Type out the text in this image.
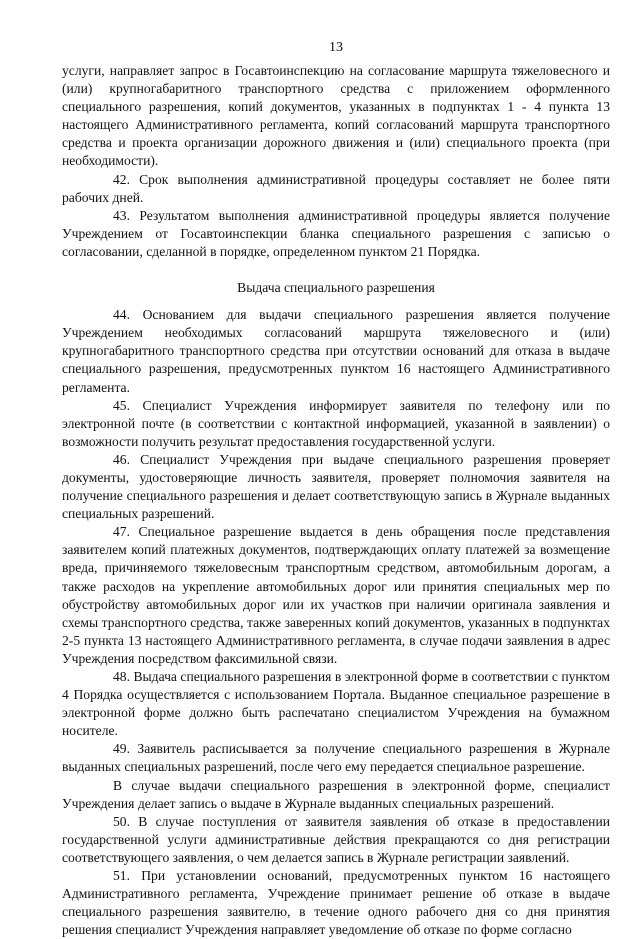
13

услуги, направляет запрос в Госавтоинспекцию на согласование маршрута тяжеловесного и (или) крупногабаритного транспортного средства с приложением оформленного специального разрешения, копий документов, указанных в подпунктах 1 - 4 пункта 13 настоящего Административного регламента, копий согласований маршрута транспортного средства и проекта организации дорожного движения и (или) специального проекта (при необходимости).

42. Срок выполнения административной процедуры составляет не более пяти рабочих дней.

43. Результатом выполнения административной процедуры является получение Учреждением от Госавтоинспекции бланка специального разрешения с записью о согласовании, сделанной в порядке, определенном пунктом 21 Порядка.

Выдача специального разрешения

44. Основанием для выдачи специального разрешения является получение Учреждением необходимых согласований маршрута тяжеловесного и (или) крупногабаритного транспортного средства при отсутствии оснований для отказа в выдаче специального разрешения, предусмотренных пунктом 16 настоящего Административного регламента.

45. Специалист Учреждения информирует заявителя по телефону или по электронной почте (в соответствии с контактной информацией, указанной в заявлении) о возможности получить результат предоставления государственной услуги.

46. Специалист Учреждения при выдаче специального разрешения проверяет документы, удостоверяющие личность заявителя, проверяет полномочия заявителя на получение специального разрешения и делает соответствующую запись в Журнале выданных специальных разрешений.

47. Специальное разрешение выдается в день обращения после представления заявителем копий платежных документов, подтверждающих оплату платежей за возмещение вреда, причиняемого тяжеловесным транспортным средством, автомобильным дорогам, а также расходов на укрепление автомобильных дорог или принятия специальных мер по обустройству автомобильных дорог или их участков при наличии оригинала заявления и схемы транспортного средства, также заверенных копий документов, указанных в подпунктах 2-5 пункта 13 настоящего Административного регламента, в случае подачи заявления в адрес Учреждения посредством факсимильной связи.

48. Выдача специального разрешения в электронной форме в соответствии с пунктом 4 Порядка осуществляется с использованием Портала. Выданное специальное разрешение в электронной форме должно быть распечатано специалистом Учреждения на бумажном носителе.

49. Заявитель расписывается за получение специального разрешения в Журнале выданных специальных разрешений, после чего ему передается специальное разрешение.

В случае выдачи специального разрешения в электронной форме, специалист Учреждения делает запись о выдаче в Журнале выданных специальных разрешений.

50. В случае поступления от заявителя заявления об отказе в предоставлении государственной услуги административные действия прекращаются со дня регистрации соответствующего заявления, о чем делается запись в Журнале регистрации заявлений.

51. При установлении оснований, предусмотренных пунктом 16 настоящего Административного регламента, Учреждение принимает решение об отказе в выдаче специального разрешения заявителю, в течение одного рабочего дня со дня принятия решения специалист Учреждения направляет уведомление об отказе по форме согласно
